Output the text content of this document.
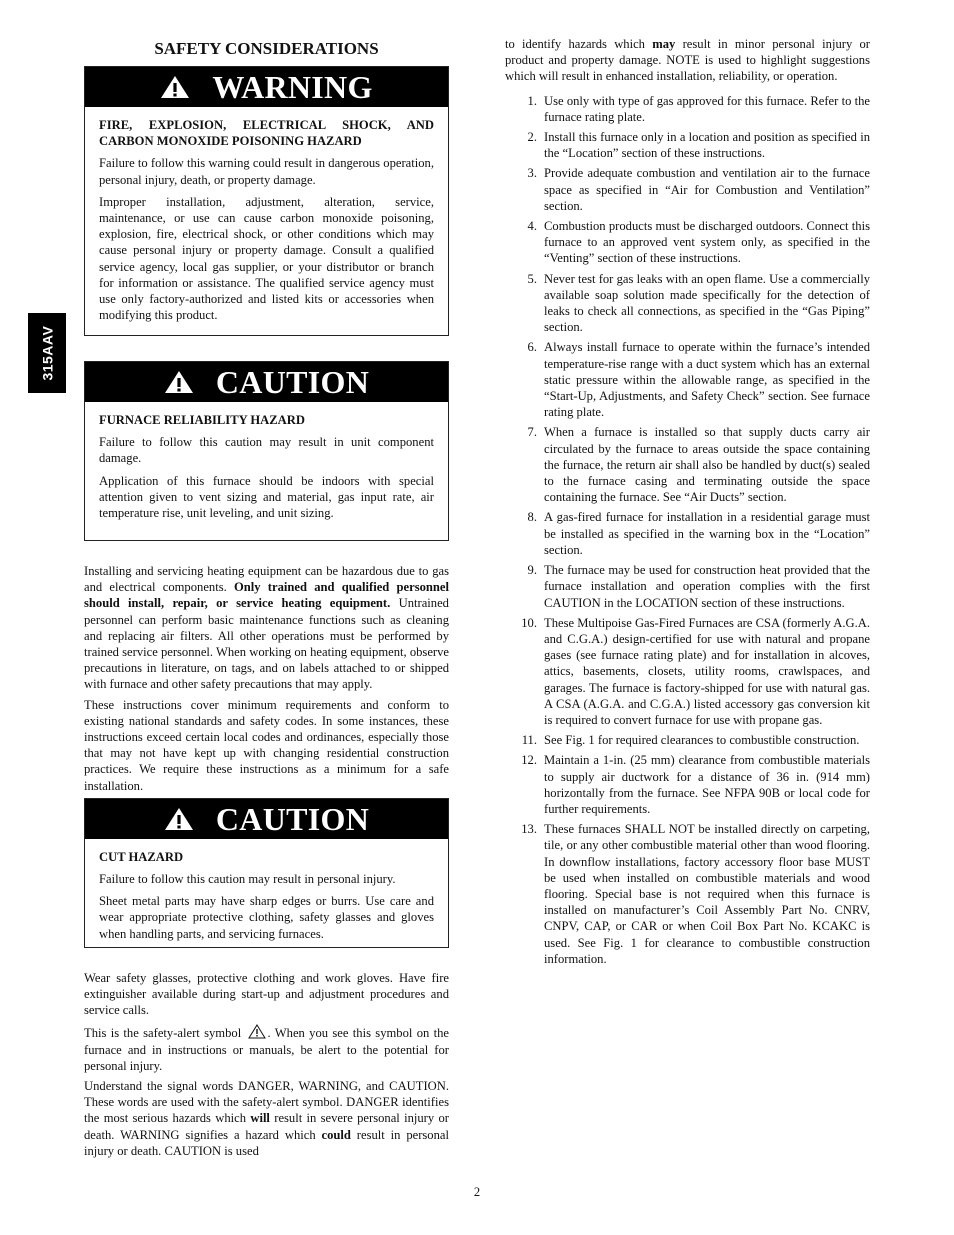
315AAV
SAFETY CONSIDERATIONS
WARNING

FIRE, EXPLOSION, ELECTRICAL SHOCK, AND CARBON MONOXIDE POISONING HAZARD

Failure to follow this warning could result in dangerous operation, personal injury, death, or property damage.

Improper installation, adjustment, alteration, service, maintenance, or use can cause carbon monoxide poisoning, explosion, fire, electrical shock, or other conditions which may cause personal injury or property damage. Consult a qualified service agency, local gas supplier, or your distributor or branch for information or assistance. The qualified service agency must use only factory-authorized and listed kits or accessories when modifying this product.

CAUTION

FURNACE RELIABILITY HAZARD

Failure to follow this caution may result in unit component damage.

Application of this furnace should be indoors with special attention given to vent sizing and material, gas input rate, air temperature rise, unit leveling, and unit sizing.

Installing and servicing heating equipment can be hazardous due to gas and electrical components. Only trained and qualified personnel should install, repair, or service heating equipment. Untrained personnel can perform basic maintenance functions such as cleaning and replacing air filters. All other operations must be performed by trained service personnel. When working on heating equipment, observe precautions in literature, on tags, and on labels attached to or shipped with furnace and other safety precautions that may apply.

These instructions cover minimum requirements and conform to existing national standards and safety codes. In some instances, these instructions exceed certain local codes and ordinances, especially those that may not have kept up with changing residential construction practices. We require these instructions as a minimum for a safe installation.

CAUTION

CUT HAZARD

Failure to follow this caution may result in personal injury.

Sheet metal parts may have sharp edges or burrs. Use care and wear appropriate protective clothing, safety glasses and gloves when handling parts, and servicing furnaces.

Wear safety glasses, protective clothing and work gloves. Have fire extinguisher available during start-up and adjustment procedures and service calls.

This is the safety-alert symbol . When you see this symbol on the furnace and in instructions or manuals, be alert to the potential for personal injury.

Understand the signal words DANGER, WARNING, and CAUTION. These words are used with the safety-alert symbol. DANGER identifies the most serious hazards which will result in severe personal injury or death. WARNING signifies a hazard which could result in personal injury or death. CAUTION is used

to identify hazards which may result in minor personal injury or product and property damage. NOTE is used to highlight suggestions which will result in enhanced installation, reliability, or operation.

1. Use only with type of gas approved for this furnace. Refer to the furnace rating plate.
2. Install this furnace only in a location and position as specified in the “Location” section of these instructions.
3. Provide adequate combustion and ventilation air to the furnace space as specified in “Air for Combustion and Ventilation” section.
4. Combustion products must be discharged outdoors. Connect this furnace to an approved vent system only, as specified in the “Venting” section of these instructions.
5. Never test for gas leaks with an open flame. Use a commercially available soap solution made specifically for the detection of leaks to check all connections, as specified in the “Gas Piping” section.
6. Always install furnace to operate within the furnace’s intended temperature-rise range with a duct system which has an external static pressure within the allowable range, as specified in the “Start-Up, Adjustments, and Safety Check” section. See furnace rating plate.
7. When a furnace is installed so that supply ducts carry air circulated by the furnace to areas outside the space containing the furnace, the return air shall also be handled by duct(s) sealed to the furnace casing and terminating outside the space containing the furnace. See “Air Ducts” section.
8. A gas-fired furnace for installation in a residential garage must be installed as specified in the warning box in the “Location” section.
9. The furnace may be used for construction heat provided that the furnace installation and operation complies with the first CAUTION in the LOCATION section of these instructions.
10. These Multipoise Gas-Fired Furnaces are CSA (formerly A.G.A. and C.G.A.) design-certified for use with natural and propane gases (see furnace rating plate) and for installation in alcoves, attics, basements, closets, utility rooms, crawlspaces, and garages. The furnace is factory-shipped for use with natural gas. A CSA (A.G.A. and C.G.A.) listed accessory gas conversion kit is required to convert furnace for use with propane gas.
11. See Fig. 1 for required clearances to combustible construction.
12. Maintain a 1-in. (25 mm) clearance from combustible materials to supply air ductwork for a distance of 36 in. (914 mm) horizontally from the furnace. See NFPA 90B or local code for further requirements.
13. These furnaces SHALL NOT be installed directly on carpeting, tile, or any other combustible material other than wood flooring. In downflow installations, factory accessory floor base MUST be used when installed on combustible materials and wood flooring. Special base is not required when this furnace is installed on manufacturer’s Coil Assembly Part No. CNRV, CNPV, CAP, or CAR or when Coil Box Part No. KCAKC is used. See Fig. 1 for clearance to combustible construction information.
2
